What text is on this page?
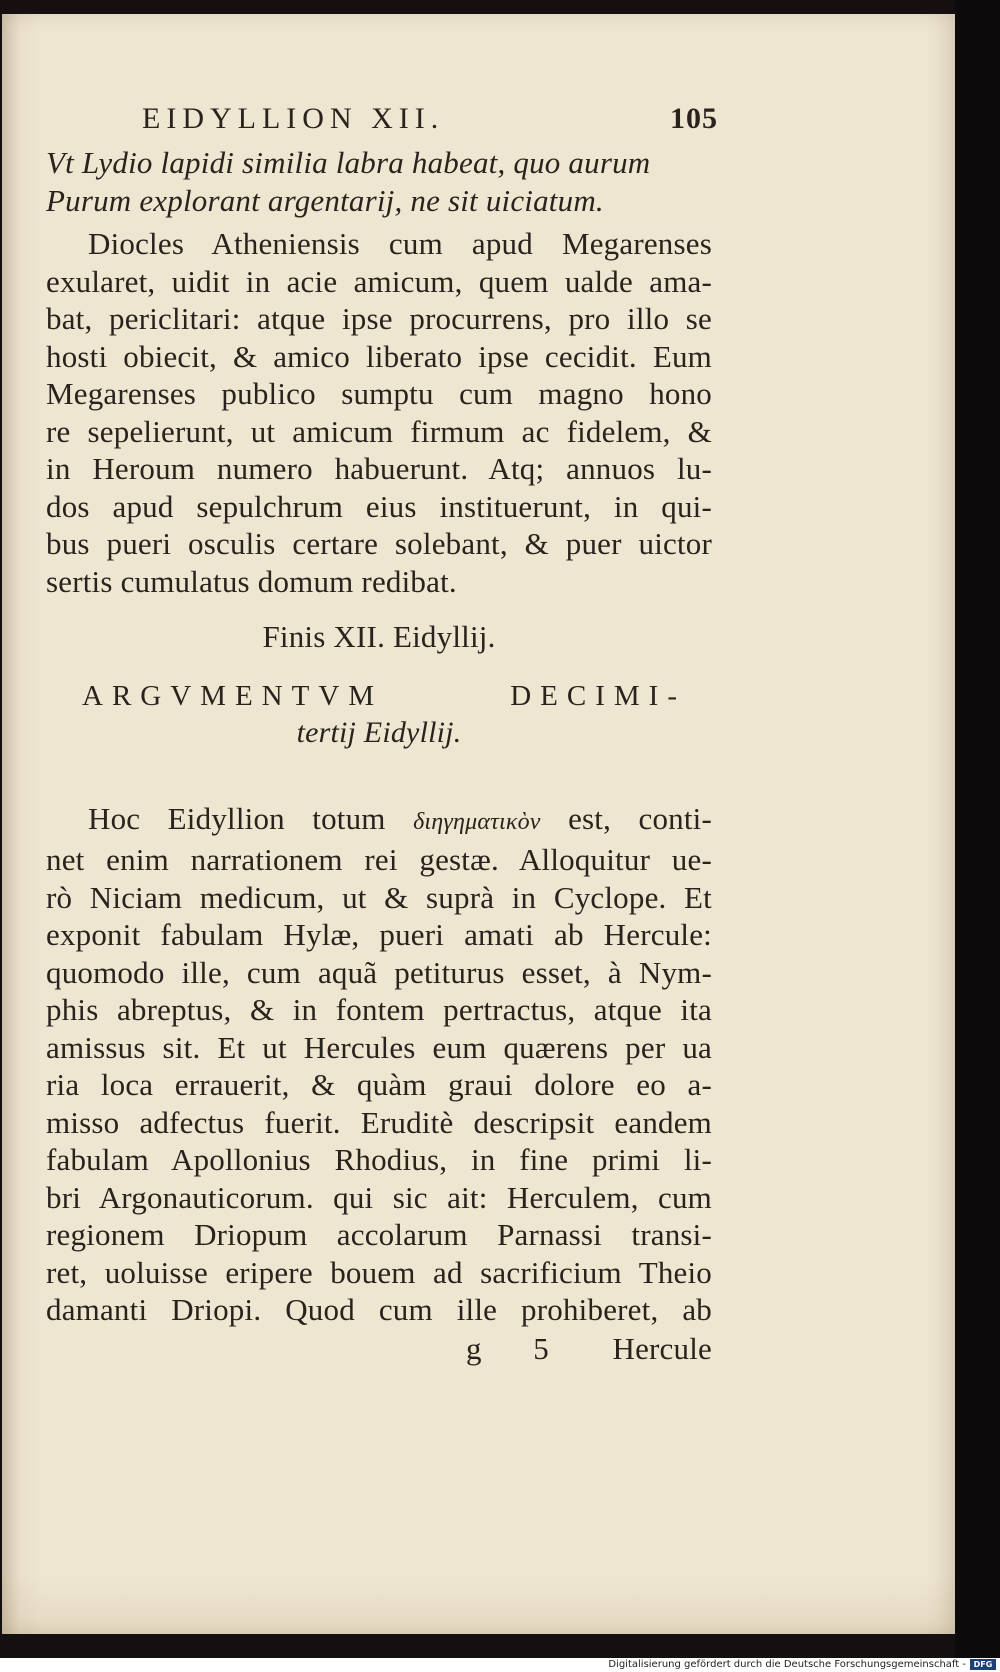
EIDYLLION XII.	105
Vt Lydio lapidi similia labra habeat, quo aurum
Purum explorant argentarij, ne sit uiciatum.
Diocles Atheniensis cum apud Megarenses
exularet, uidit in acie amicum, quem ualde ama-
bat, periclitari: atque ipse procurrens, pro illo se
hosti obiecit, & amico liberato ipse cecidit. Eum
Megarenses publico sumptu cum magno hono
re sepelierunt, ut amicum firmum ac fidelem, &
in Heroum numero habuerunt. Atq; annuos lu-
dos apud sepulchrum eius instituerunt, in qui-
bus pueri osculis certare solebant, & puer uictor
sertis cumulatus domum redibat.
Finis XII. Eidyllij.
ARGVMENTVM DECIMI-
tertij Eidyllij.
Hoc Eidyllion totum διηγηματικὸν est, conti-
net enim narrationem rei gestæ. Alloquitur ue-
rò Niciam medicum, ut & suprà in Cyclope. Et
exponit fabulam Hylæ, pueri amati ab Hercule:
quomodo ille, cum aquã petiturus esset, à Nym-
phis abreptus, & in fontem pertractus, atque ita
amissus sit. Et ut Hercules eum quærens per ua
ria loca errauerit, & quàm graui dolore eo a-
misso adfectus fuerit. Eruditè descripsit eandem
fabulam Apollonius Rhodius, in fine primi li-
bri Argonauticorum. qui sic ait: Herculem, cum
regionem Driopum accolarum Parnassi transi-
ret, uoluisse eripere bouem ad sacrificium Theio
damanti Driopi. Quod cum ille prohiberet, ab
g 5 Hercule
Digitalisierung gefördert durch die Deutsche Forschungsgemeinschaft - DFG
